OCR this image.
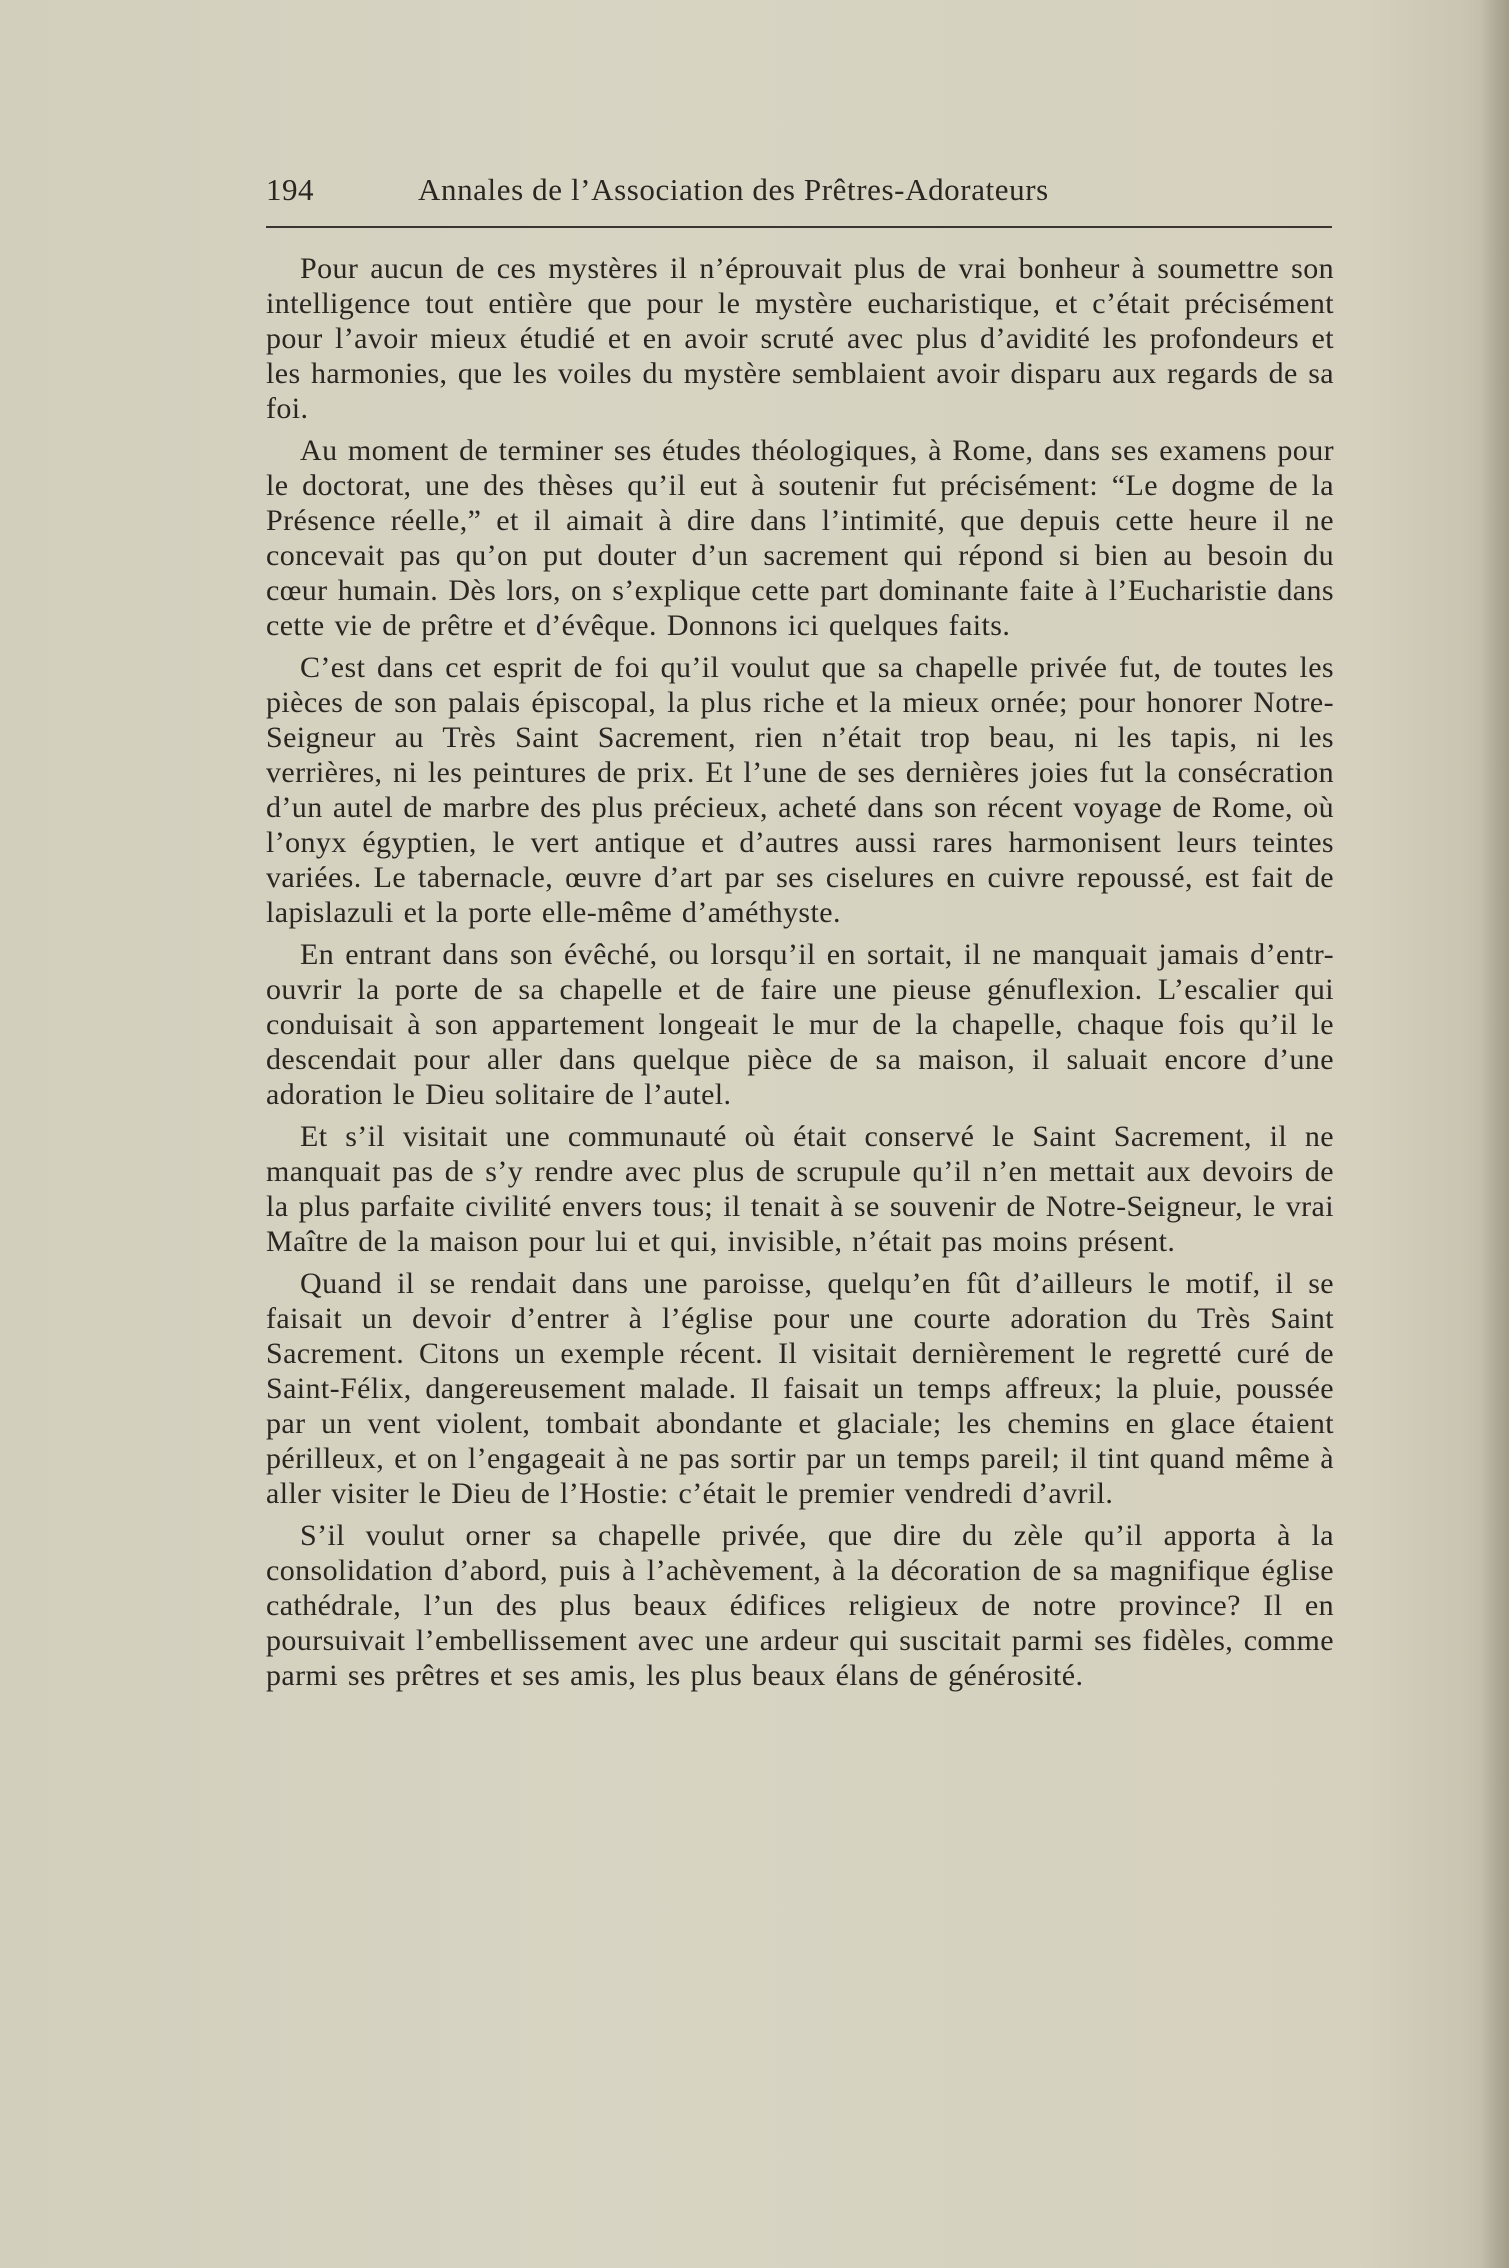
194	Annales de l’Association des Prêtres-Adorateurs

Pour aucun de ces mystères il n’éprouvait plus de vrai bonheur à soumettre son intelligence tout entière que pour le mystère eucharistique, et c’était précisément pour l’avoir mieux étudié et en avoir scruté avec plus d’avidité les profondeurs et les harmonies, que les voiles du mystère semblaient avoir disparu aux regards de sa foi.

Au moment de terminer ses études théologiques, à Rome, dans ses examens pour le doctorat, une des thèses qu’il eut à soutenir fut précisément: “Le dogme de la Présence réelle,” et il aimait à dire dans l’intimité, que depuis cette heure il ne concevait pas qu’on put douter d’un sacrement qui répond si bien au besoin du cœur humain. Dès lors, on s’explique cette part dominante faite à l’Eucharistie dans cette vie de prêtre et d’évêque. Donnons ici quelques faits.

C’est dans cet esprit de foi qu’il voulut que sa chapelle privée fut, de toutes les pièces de son palais épiscopal, la plus riche et la mieux ornée; pour honorer Notre-Seigneur au Très Saint Sacrement, rien n’était trop beau, ni les tapis, ni les verrières, ni les peintures de prix. Et l’une de ses dernières joies fut la consécration d’un autel de marbre des plus précieux, acheté dans son récent voyage de Rome, où l’onyx égyptien, le vert antique et d’autres aussi rares harmonisent leurs teintes variées. Le tabernacle, œuvre d’art par ses ciselures en cuivre repoussé, est fait de lapislazuli et la porte elle-même d’améthyste.

En entrant dans son évêché, ou lorsqu’il en sortait, il ne manquait jamais d’entr-ouvrir la porte de sa chapelle et de faire une pieuse génuflexion. L’escalier qui conduisait à son appartement longeait le mur de la chapelle, chaque fois qu’il le descendait pour aller dans quelque pièce de sa maison, il saluait encore d’une adoration le Dieu solitaire de l’autel.

Et s’il visitait une communauté où était conservé le Saint Sacrement, il ne manquait pas de s’y rendre avec plus de scrupule qu’il n’en mettait aux devoirs de la plus parfaite civilité envers tous; il tenait à se souvenir de Notre-Seigneur, le vrai Maître de la maison pour lui et qui, invisible, n’était pas moins présent.

Quand il se rendait dans une paroisse, quelqu’en fût d’ailleurs le motif, il se faisait un devoir d’entrer à l’église pour une courte adoration du Très Saint Sacrement. Citons un exemple récent. Il visitait dernièrement le regretté curé de Saint-Félix, dangereusement malade. Il faisait un temps affreux; la pluie, poussée par un vent violent, tombait abondante et glaciale; les chemins en glace étaient périlleux, et on l’engageait à ne pas sortir par un temps pareil; il tint quand même à aller visiter le Dieu de l’Hostie: c’était le premier vendredi d’avril.

S’il voulut orner sa chapelle privée, que dire du zèle qu’il apporta à la consolidation d’abord, puis à l’achèvement, à la décoration de sa magnifique église cathédrale, l’un des plus beaux édifices religieux de notre province? Il en poursuivait l’embellissement avec une ardeur qui suscitait parmi ses fidèles, comme parmi ses prêtres et ses amis, les plus beaux élans de générosité.
